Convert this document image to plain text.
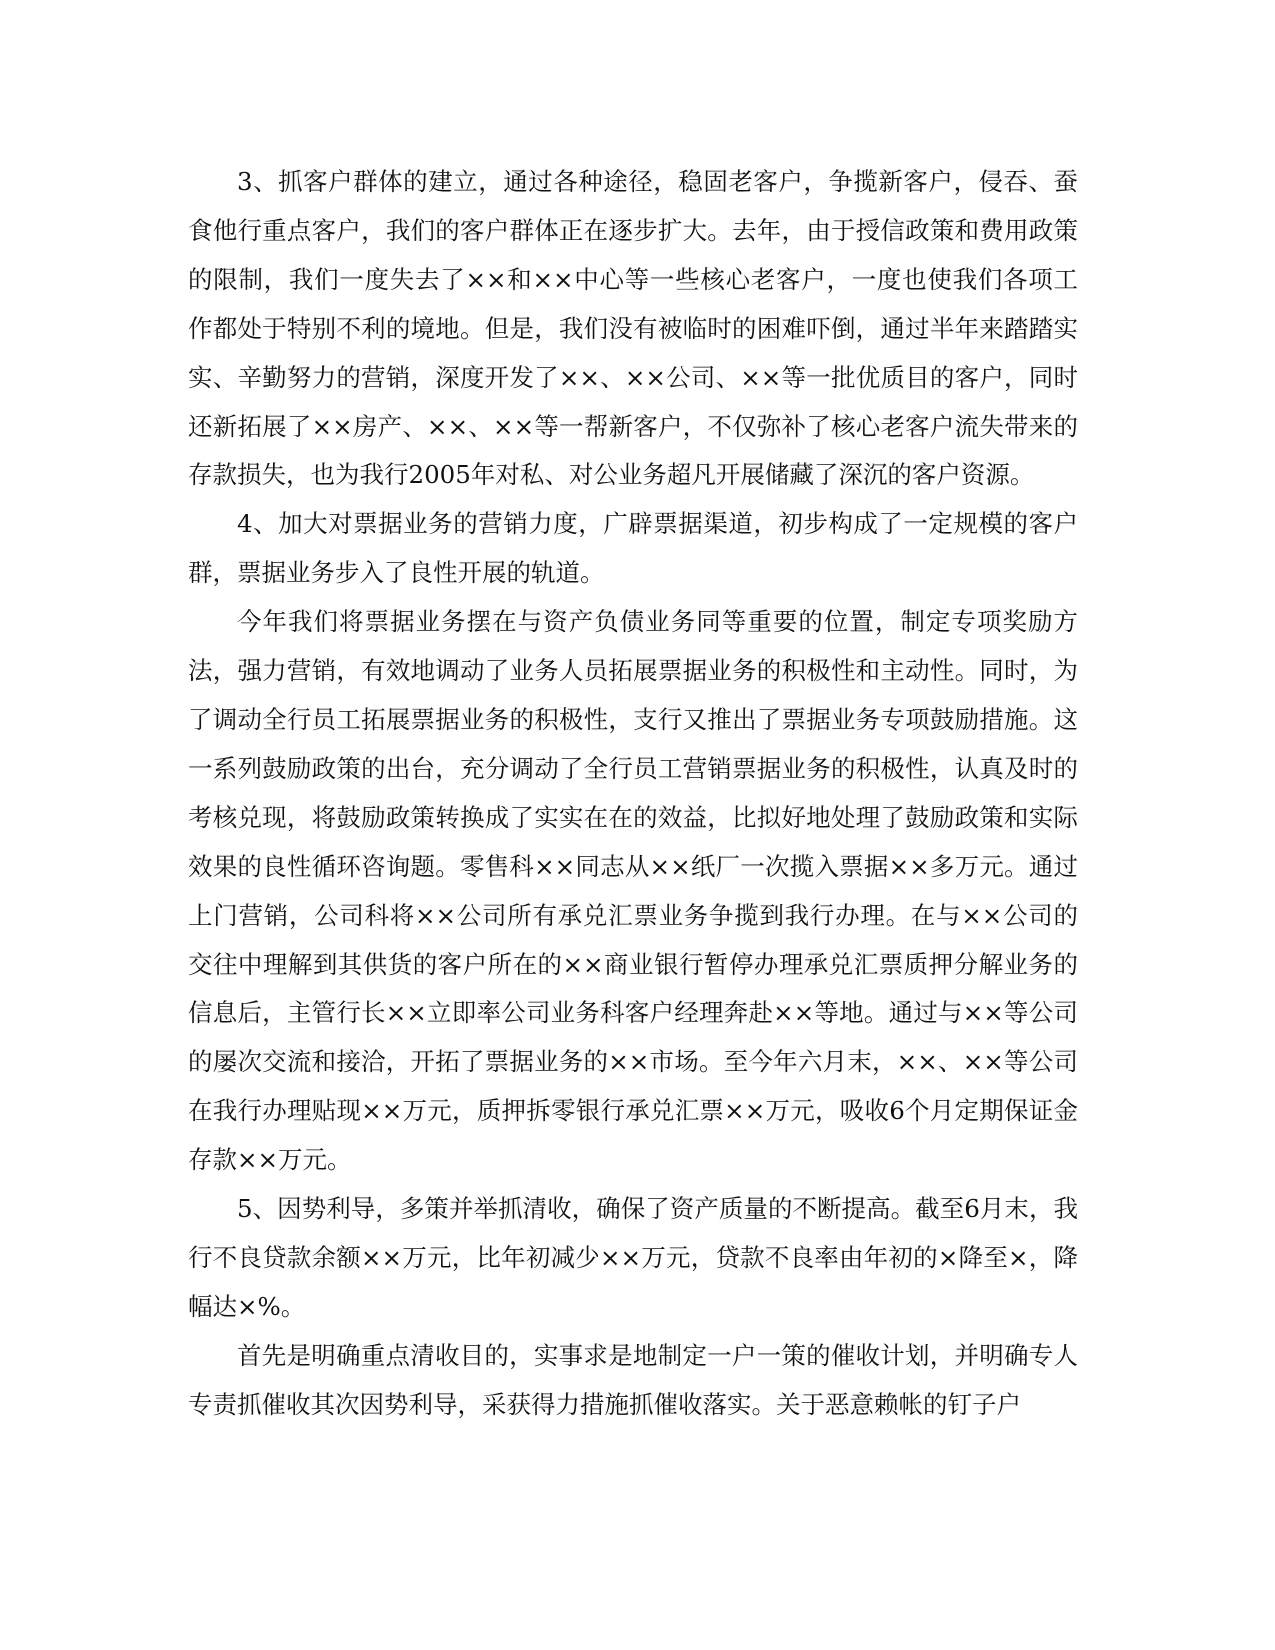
3、抓客户群体的建立，通过各种途径，稳固老客户，争揽新客户，侵吞、蚕食他行重点客户，我们的客户群体正在逐步扩大。去年，由于授信政策和费用政策的限制，我们一度失去了××和××中心等一些核心老客户，一度也使我们各项工作都处于特别不利的境地。但是，我们没有被临时的困难吓倒，通过半年来踏踏实实、辛勤努力的营销，深度开发了××、××公司、××等一批优质目的客户，同时还新拓展了××房产、××、××等一帮新客户，不仅弥补了核心老客户流失带来的存款损失，也为我行2005年对私、对公业务超凡开展储藏了深沉的客户资源。

4、加大对票据业务的营销力度，广辟票据渠道，初步构成了一定规模的客户群，票据业务步入了良性开展的轨道。

今年我们将票据业务摆在与资产负债业务同等重要的位置，制定专项奖励方法，强力营销，有效地调动了业务人员拓展票据业务的积极性和主动性。同时，为了调动全行员工拓展票据业务的积极性，支行又推出了票据业务专项鼓励措施。这一系列鼓励政策的出台，充分调动了全行员工营销票据业务的积极性，认真及时的考核兑现，将鼓励政策转换成了实实在在的效益，比拟好地处理了鼓励政策和实际效果的良性循环咨询题。零售科××同志从××纸厂一次揽入票据××多万元。通过上门营销，公司科将××公司所有承兑汇票业务争揽到我行办理。在与××公司的交往中理解到其供货的客户所在的××商业银行暂停办理承兑汇票质押分解业务的信息后，主管行长××立即率公司业务科客户经理奔赴××等地。通过与××等公司的屡次交流和接洽，开拓了票据业务的××市场。至今年六月末，××、××等公司在我行办理贴现××万元，质押拆零银行承兑汇票××万元，吸收6个月定期保证金存款××万元。

5、因势利导，多策并举抓清收，确保了资产质量的不断提高。截至6月末，我行不良贷款余额××万元，比年初减少××万元，贷款不良率由年初的×降至×，降幅达×%。

首先是明确重点清收目的，实事求是地制定一户一策的催收计划，并明确专人专责抓催收其次因势利导，采获得力措施抓催收落实。关于恶意赖帐的钉子户
